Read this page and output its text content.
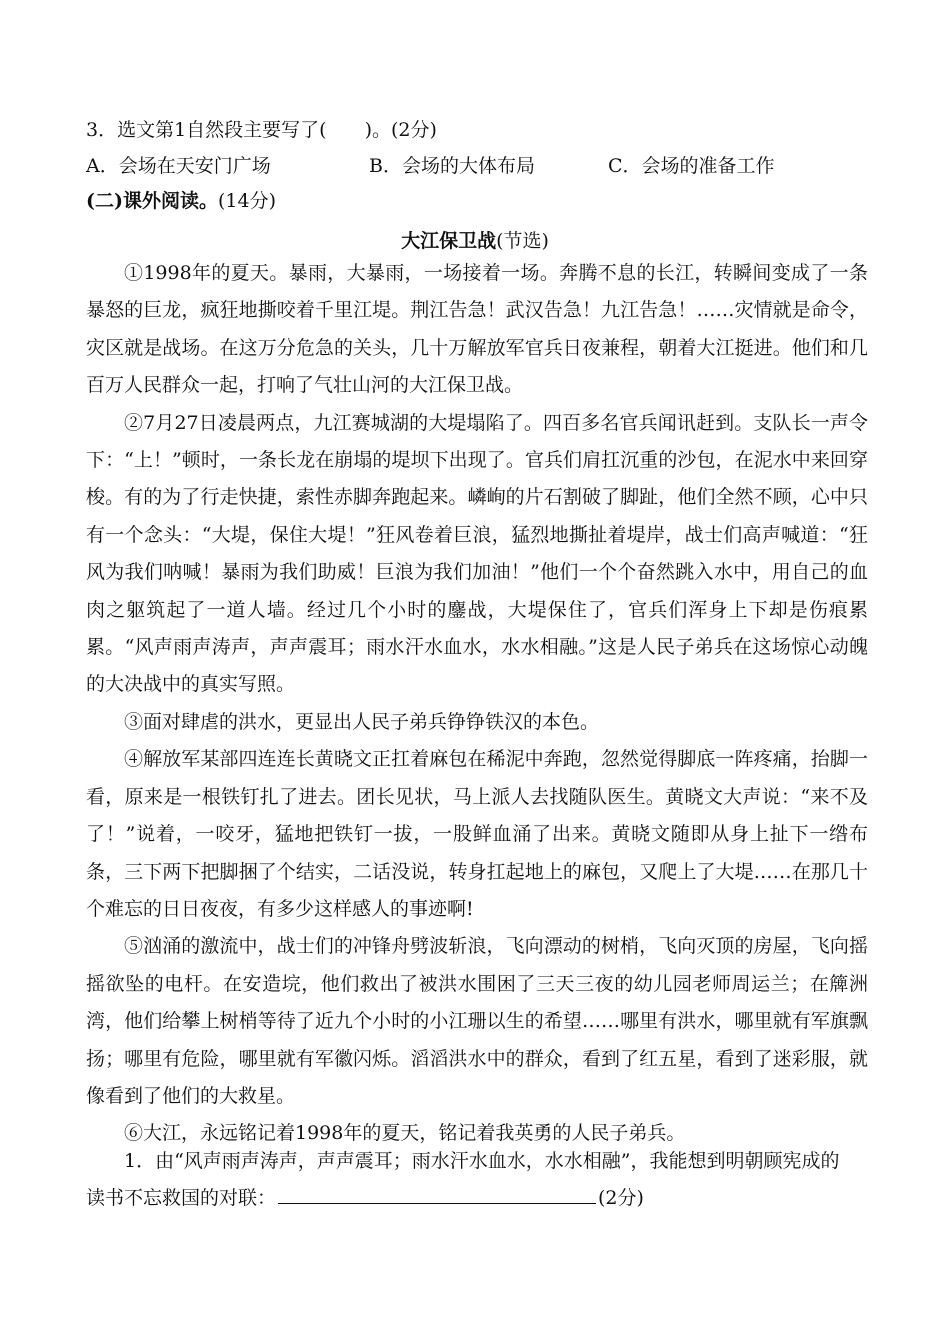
3．选文第1自然段主要写了(　　)。(2分)
A．会场在天安门广场	B．会场的大体布局	C．会场的准备工作
(二)课外阅读。(14分)
大江保卫战(节选)

①1998年的夏天。暴雨，大暴雨，一场接着一场。奔腾不息的长江，转瞬间变成了一条暴怒的巨龙，疯狂地撕咬着千里江堤。荆江告急！武汉告急！九江告急！……灾情就是命令，灾区就是战场。在这万分危急的关头，几十万解放军官兵日夜兼程，朝着大江挺进。他们和几百万人民群众一起，打响了气壮山河的大江保卫战。

②7月27日凌晨两点，九江赛城湖的大堤塌陷了。四百多名官兵闻讯赶到。支队长一声令下：“上！”顿时，一条长龙在崩塌的堤坝下出现了。官兵们肩扛沉重的沙包，在泥水中来回穿梭。有的为了行走快捷，索性赤脚奔跑起来。嶙峋的片石割破了脚趾，他们全然不顾，心中只有一个念头：“大堤，保住大堤！”狂风卷着巨浪，猛烈地撕扯着堤岸，战士们高声喊道：“狂风为我们呐喊！暴雨为我们助威！巨浪为我们加油！”他们一个个奋然跳入水中，用自己的血肉之躯筑起了一道人墙。经过几个小时的鏖战，大堤保住了，官兵们浑身上下却是伤痕累累。“风声雨声涛声，声声震耳；雨水汗水血水，水水相融。”这是人民子弟兵在这场惊心动魄的大决战中的真实写照。

③面对肆虐的洪水，更显出人民子弟兵铮铮铁汉的本色。

④解放军某部四连连长黄晓文正扛着麻包在稀泥中奔跑，忽然觉得脚底一阵疼痛，抬脚一看，原来是一根铁钉扎了进去。团长见状，马上派人去找随队医生。黄晓文大声说：“来不及了！”说着，一咬牙，猛地把铁钉一拔，一股鲜血涌了出来。黄晓文随即从身上扯下一绺布条，三下两下把脚捆了个结实，二话没说，转身扛起地上的麻包，又爬上了大堤……在那几十个难忘的日日夜夜，有多少这样感人的事迹啊!

⑤汹涌的激流中，战士们的冲锋舟劈波斩浪，飞向漂动的树梢，飞向灭顶的房屋，飞向摇摇欲坠的电杆。在安造垸，他们救出了被洪水围困了三天三夜的幼儿园老师周运兰；在簰洲湾，他们给攀上树梢等待了近九个小时的小江珊以生的希望……哪里有洪水，哪里就有军旗飘扬；哪里有危险，哪里就有军徽闪烁。滔滔洪水中的群众，看到了红五星，看到了迷彩服，就像看到了他们的大救星。

⑥大江，永远铭记着1998年的夏天，铭记着我英勇的人民子弟兵。

1．由“风声雨声涛声，声声震耳；雨水汗水血水，水水相融”，我能想到明朝顾宪成的

读书不忘救国的对联：	(2分)
